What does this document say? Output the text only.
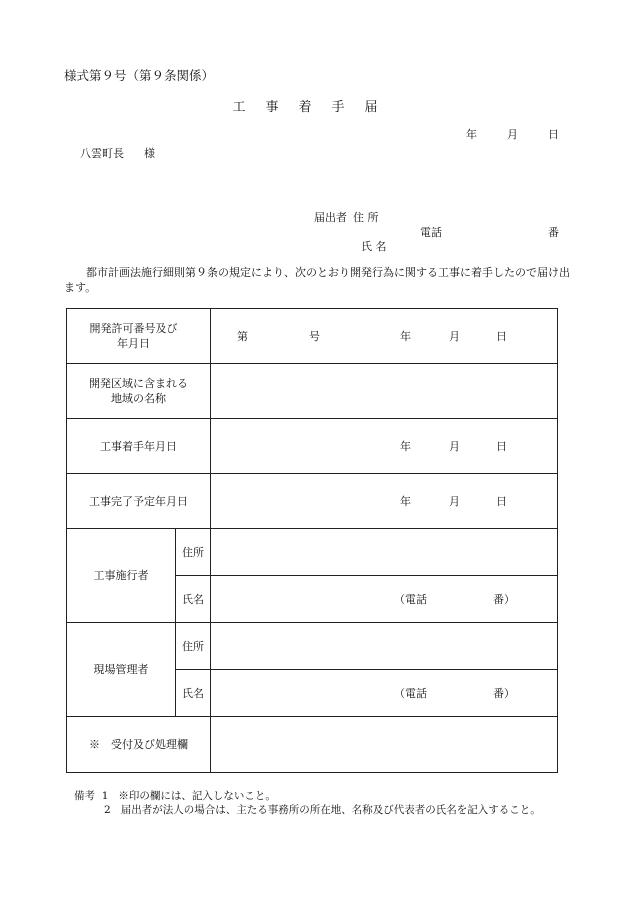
様式第９号（第９条関係）
工事着手届
年	月	日
八雲町長 様
届出者 住 所
電話	番
氏 名
都市計画法施行細則第９条の規定により、次のとおり開発行為に関する工事に着手したので届け出ます。
開発許可番号及び年月日		第 号 年 月 日

開発区域に含まれる地域の名称		
工事着手年月日		年 月 日

工事完了予定年月日		年 月 日

工事施行者	住所	
	氏名	（電話 番）

現場管理者	住所	
	氏名	（電話 番）

※　受付及び処理欄		
備考 1 ※印の欄には、記入しないこと。
2 届出者が法人の場合は、主たる事務所の所在地、名称及び代表者の氏名を記入すること。
